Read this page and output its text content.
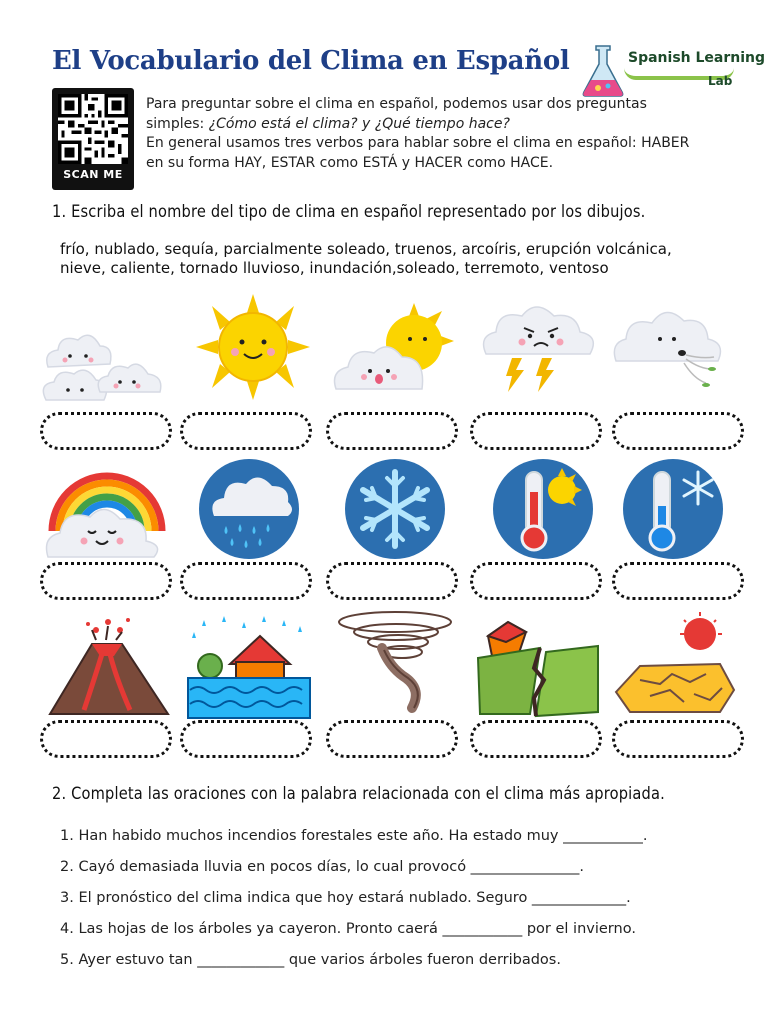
El Vocabulario del Clima en Español	Spanish Learning
Lab
SCAN ME
Para preguntar sobre el clima en español, podemos usar dos preguntas
simples: ¿Cómo está el clima? y ¿Qué tiempo hace?
En general usamos tres verbos para hablar sobre el clima en español: HABER
en su forma HAY, ESTAR como ESTÁ y HACER como HACE.
1. Escriba el nombre del tipo de clima en español representado por los dibujos.
frío, nublado, sequía, parcialmente soleado, truenos, arcoíris, erupción volcánica, nieve, caliente, tornado lluvioso, inundación,soleado, terremoto, ventoso
2. Completa las oraciones con la palabra relacionada con el clima más apropiada.
1. Han habido muchos incendios forestales este año. Ha estado muy ___________.
2. Cayó demasiada lluvia en pocos días, lo cual provocó _______________.
3. El pronóstico del clima indica que hoy estará nublado. Seguro _____________.
4. Las hojas de los árboles ya cayeron. Pronto caerá ___________ por el invierno.
5. Ayer estuvo tan ____________ que varios árboles fueron derribados.
